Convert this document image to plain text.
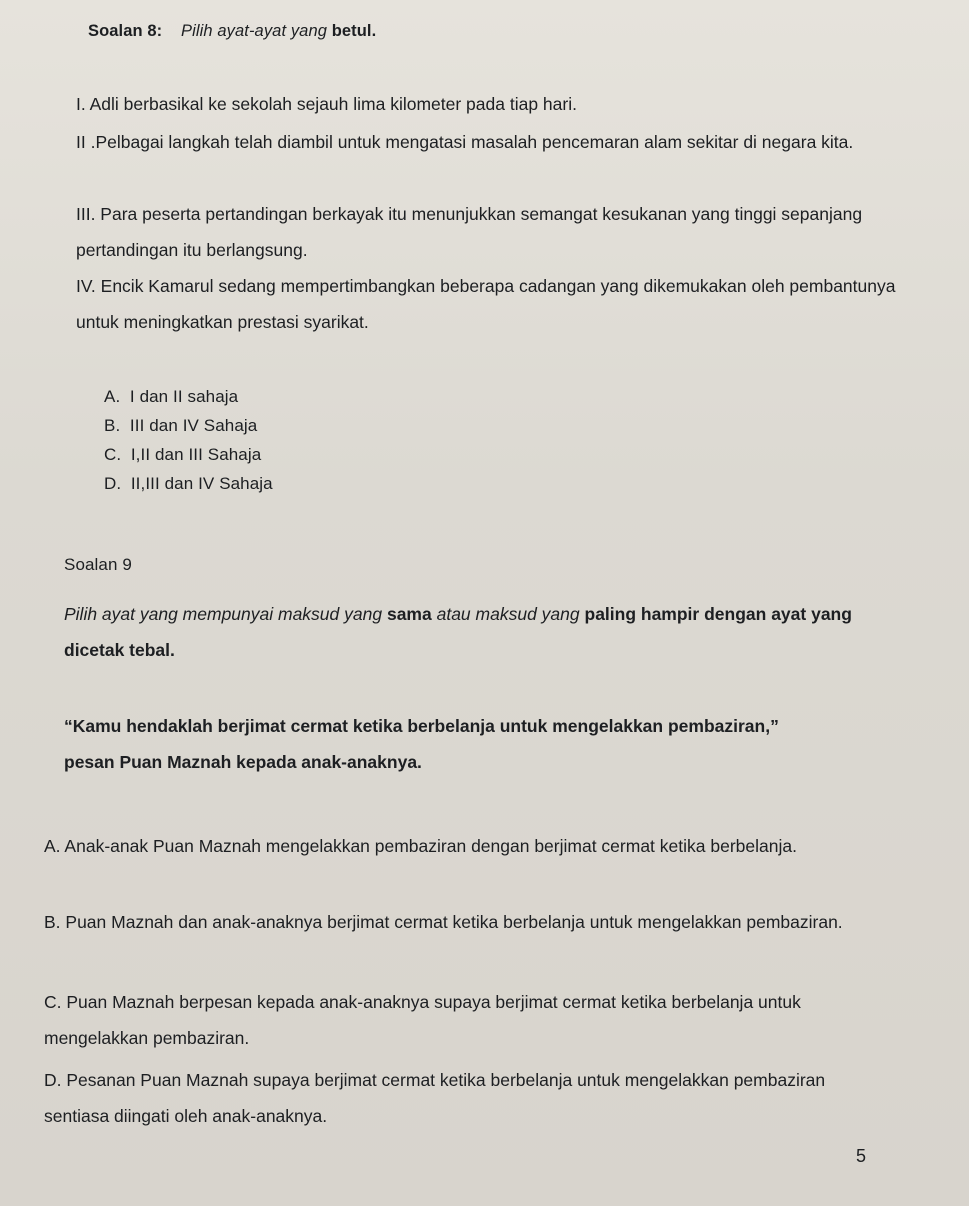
Soalan 8: Pilih ayat-ayat yang betul.
I. Adli berbasikal ke sekolah sejauh lima kilometer pada tiap hari.
II .Pelbagai langkah telah diambil untuk mengatasi masalah pencemaran alam sekitar di negara kita.
III. Para peserta pertandingan berkayak itu menunjukkan semangat kesukanan yang tinggi sepanjang pertandingan itu berlangsung.
IV. Encik Kamarul sedang mempertimbangkan beberapa cadangan yang dikemukakan oleh pembantunya untuk meningkatkan prestasi syarikat.
A. I dan II sahaja
B. III dan IV Sahaja
C. I,II dan III Sahaja
D. II,III dan IV Sahaja
Soalan 9
Pilih ayat yang mempunyai maksud yang sama atau maksud yang paling hampir dengan ayat yang dicetak tebal.
“Kamu hendaklah berjimat cermat ketika berbelanja untuk mengelakkan pembaziran,” pesan Puan Maznah kepada anak-anaknya.
A. Anak-anak Puan Maznah mengelakkan pembaziran dengan berjimat cermat ketika berbelanja.
B. Puan Maznah dan anak-anaknya berjimat cermat ketika berbelanja untuk mengelakkan pembaziran.
C. Puan Maznah berpesan kepada anak-anaknya supaya berjimat cermat ketika berbelanja untuk mengelakkan pembaziran.
D. Pesanan Puan Maznah supaya berjimat cermat ketika berbelanja untuk mengelakkan pembaziran sentiasa diingati oleh anak-anaknya.
5
